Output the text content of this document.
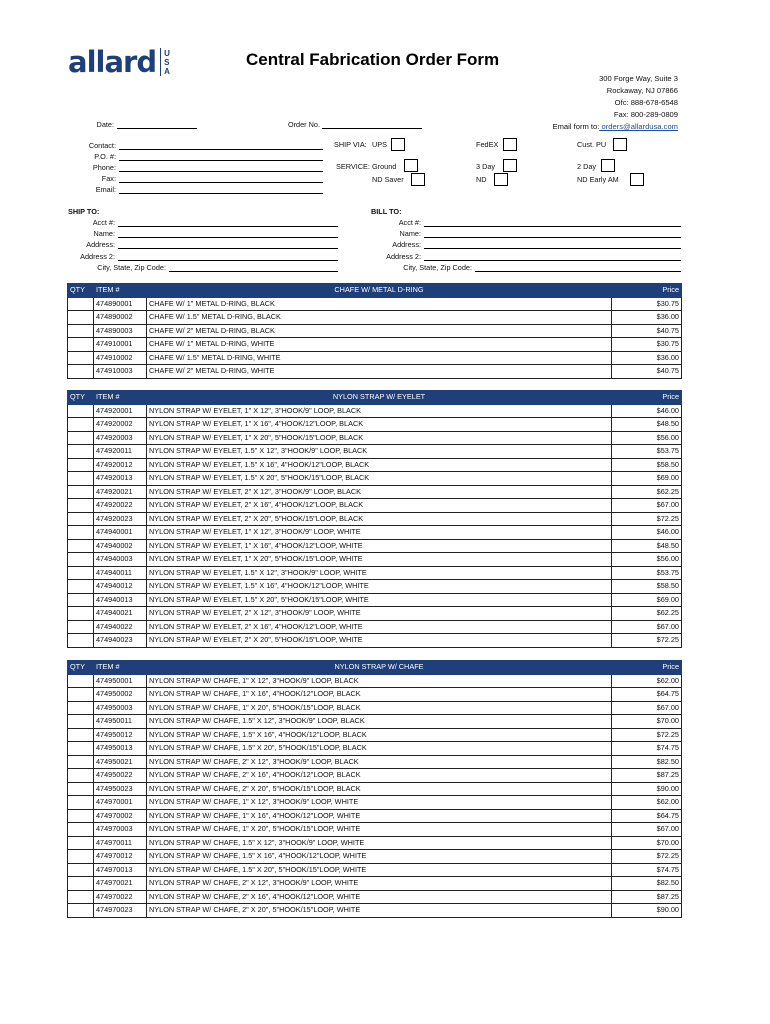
allard U
S
A
Central Fabrication Order Form
300 Forge Way, Suite 3
Rockaway, NJ 07866
Ofc: 888-678-6548
Fax: 800-289-0809
Email form to: orders@allardusa.com
Date:	Order No.
Contact:
P.O. #:
Phone:
Fax:
Email:
SHIP VIA: UPS	FedEX	Cust. PU
SERVICE: Ground	3 Day	2 Day
ND Saver	ND	ND Early AM
SHIP TO:
Acct #:
Name:
Address:
Address 2:
City, State, Zip Code:
BILL TO:
Acct #:
Name:
Address:
Address 2:
City, State, Zip Code:
QTY	ITEM #	CHAFE W/ METAL D-RING	Price
	474890001	CHAFE W/ 1" METAL D-RING, BLACK	$30.75
	474890002	CHAFE W/ 1.5" METAL D-RING, BLACK	$36.00
	474890003	CHAFE W/ 2" METAL D-RING, BLACK	$40.75
	474910001	CHAFE W/ 1" METAL D-RING, WHITE	$30.75
	474910002	CHAFE W/ 1.5" METAL D-RING, WHITE	$36.00
	474910003	CHAFE W/ 2" METAL D-RING, WHITE	$40.75
QTY	ITEM #	NYLON STRAP W/ EYELET	Price
	474920001	NYLON STRAP W/ EYELET, 1" X 12", 3"HOOK/9" LOOP, BLACK	$46.00
	474920002	NYLON STRAP W/ EYELET, 1" X 16", 4"HOOK/12"LOOP, BLACK	$48.50
	474920003	NYLON STRAP W/ EYELET, 1" X 20", 5"HOOK/15"LOOP, BLACK	$56.00
	474920011	NYLON STRAP W/ EYELET, 1.5" X 12", 3"HOOK/9" LOOP, BLACK	$53.75
	474920012	NYLON STRAP W/ EYELET, 1.5" X 16", 4"HOOK/12"LOOP, BLACK	$58.50
	474920013	NYLON STRAP W/ EYELET, 1.5" X 20", 5"HOOK/15"LOOP, BLACK	$69.00
	474920021	NYLON STRAP W/ EYELET, 2" X 12", 3"HOOK/9" LOOP, BLACK	$62.25
	474920022	NYLON STRAP W/ EYELET, 2" X 16", 4"HOOK/12"LOOP, BLACK	$67.00
	474920023	NYLON STRAP W/ EYELET, 2" X 20", 5"HOOK/15"LOOP, BLACK	$72.25
	474940001	NYLON STRAP W/ EYELET, 1" X 12", 3"HOOK/9" LOOP, WHITE	$46.00
	474940002	NYLON STRAP W/ EYELET, 1" X 16", 4"HOOK/12"LOOP, WHITE	$48.50
	474940003	NYLON STRAP W/ EYELET, 1" X 20", 5"HOOK/15"LOOP, WHITE	$56.00
	474940011	NYLON STRAP W/ EYELET, 1.5" X 12", 3"HOOK/9" LOOP, WHITE	$53.75
	474940012	NYLON STRAP W/ EYELET, 1.5" X 16", 4"HOOK/12"LOOP, WHITE	$58.50
	474940013	NYLON STRAP W/ EYELET, 1.5" X 20", 5"HOOK/15"LOOP, WHITE	$69.00
	474940021	NYLON STRAP W/ EYELET, 2" X 12", 3"HOOK/9" LOOP, WHITE	$62.25
	474940022	NYLON STRAP W/ EYELET, 2" X 16", 4"HOOK/12"LOOP, WHITE	$67.00
	474940023	NYLON STRAP W/ EYELET, 2" X 20", 5"HOOK/15"LOOP, WHITE	$72.25
QTY	ITEM #	NYLON STRAP W/ CHAFE	Price
	474950001	NYLON STRAP W/ CHAFE, 1" X 12", 3"HOOK/9" LOOP, BLACK	$62.00
	474950002	NYLON STRAP W/ CHAFE, 1" X 16", 4"HOOK/12"LOOP, BLACK	$64.75
	474950003	NYLON STRAP W/ CHAFE, 1" X 20", 5"HOOK/15"LOOP, BLACK	$67.00
	474950011	NYLON STRAP W/ CHAFE, 1.5" X 12", 3"HOOK/9" LOOP, BLACK	$70.00
	474950012	NYLON STRAP W/ CHAFE, 1.5" X 16", 4"HOOK/12"LOOP, BLACK	$72.25
	474950013	NYLON STRAP W/ CHAFE, 1.5" X 20", 5"HOOK/15"LOOP, BLACK	$74.75
	474950021	NYLON STRAP W/ CHAFE, 2" X 12", 3"HOOK/9" LOOP, BLACK	$82.50
	474950022	NYLON STRAP W/ CHAFE, 2" X 16", 4"HOOK/12"LOOP, BLACK	$87.25
	474950023	NYLON STRAP W/ CHAFE, 2" X 20", 5"HOOK/15"LOOP, BLACK	$90.00
	474970001	NYLON STRAP W/ CHAFE, 1" X 12", 3"HOOK/9" LOOP, WHITE	$62.00
	474970002	NYLON STRAP W/ CHAFE, 1" X 16", 4"HOOK/12"LOOP, WHITE	$64.75
	474970003	NYLON STRAP W/ CHAFE, 1" X 20", 5"HOOK/15"LOOP, WHITE	$67.00
	474970011	NYLON STRAP W/ CHAFE, 1.5" X 12", 3"HOOK/9" LOOP, WHITE	$70.00
	474970012	NYLON STRAP W/ CHAFE, 1.5" X 16", 4"HOOK/12"LOOP, WHITE	$72.25
	474970013	NYLON STRAP W/ CHAFE, 1.5" X 20", 5"HOOK/15"LOOP, WHITE	$74.75
	474970021	NYLON STRAP W/ CHAFE, 2" X 12", 3"HOOK/9" LOOP, WHITE	$82.50
	474970022	NYLON STRAP W/ CHAFE, 2" X 16", 4"HOOK/12"LOOP, WHITE	$87.25
	474970023	NYLON STRAP W/ CHAFE, 2" X 20", 5"HOOK/15"LOOP, WHITE	$90.00
